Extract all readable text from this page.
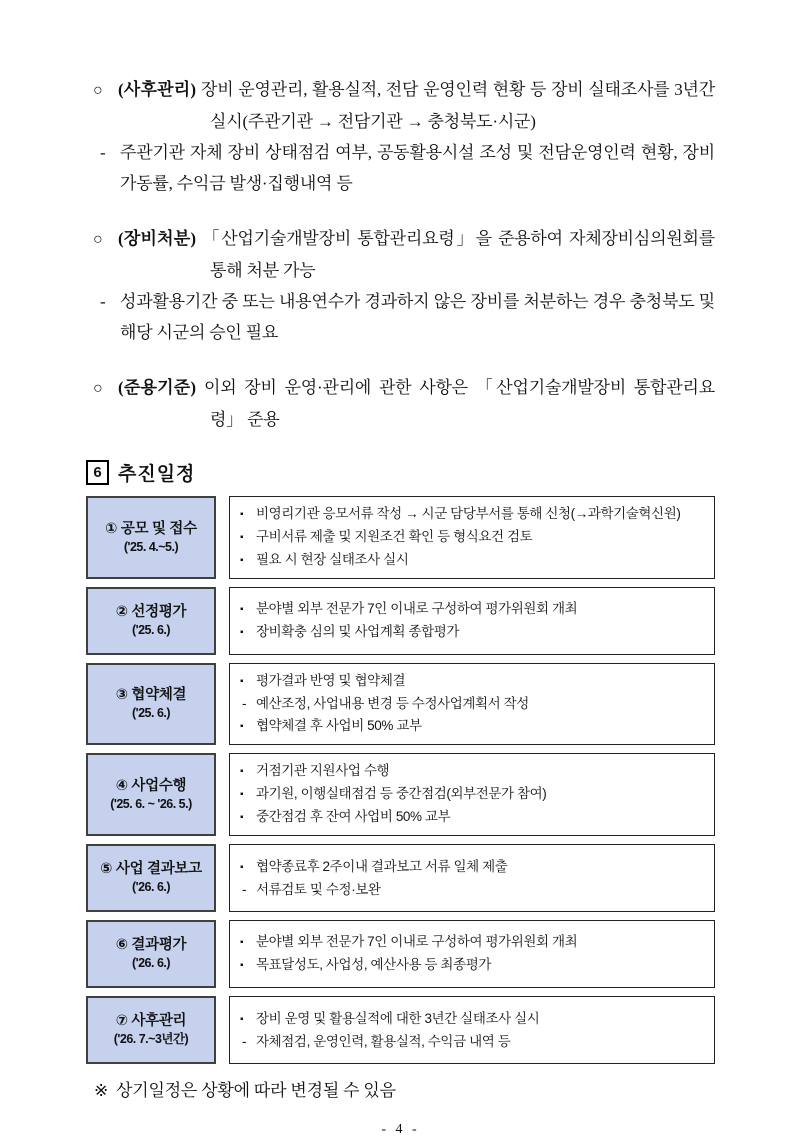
○ (사후관리) 장비 운영관리, 활용실적, 전담 운영인력 현황 등 장비 실태조사를 3년간 실시(주관기관 → 전담기관 → 충청북도·시군)

- 주관기관 자체 장비 상태점검 여부, 공동활용시설 조성 및 전담운영인력 현황, 장비 가동률, 수익금 발생·집행내역 등

○ (장비처분) 「산업기술개발장비 통합관리요령」을 준용하여 자체장비심의원회를 통해 처분 가능

- 성과활용기간 중 또는 내용연수가 경과하지 않은 장비를 처분하는 경우 충청북도 및 해당 시군의 승인 필요

○ (준용기준) 이외 장비 운영·관리에 관한 사항은 「산업기술개발장비 통합관리요령」 준용

6 추진일정
① 공모 및 접수
('25. 4.~5.)
▪ 비영리기관 응모서류 작성 → 시군 담당부서를 통해 신청(→과학기술혁신원)
▪ 구비서류 제출 및 지원조건 확인 등 형식요건 검토
▪ 필요 시 현장 실태조사 실시
② 선정평가
('25. 6.)
▪ 분야별 외부 전문가 7인 이내로 구성하여 평가위원회 개최
▪ 장비확충 심의 및 사업계획 종합평가
③ 협약체결
('25. 6.)
▪ 평가결과 반영 및 협약체결
- 예산조정, 사업내용 변경 등 수정사업계획서 작성
▪ 협약체결 후 사업비 50% 교부
④ 사업수행
('25. 6. ~ '26. 5.)
▪ 거점기관 지원사업 수행
▪ 과기원, 이행실태점검 등 중간점검(외부전문가 참여)
▪ 중간점검 후 잔여 사업비 50% 교부
⑤ 사업 결과보고
('26. 6.)
▪ 협약종료후 2주이내 결과보고 서류 일체 제출
- 서류검토 및 수정·보완
⑥ 결과평가
('26. 6.)
▪ 분야별 외부 전문가 7인 이내로 구성하여 평가위원회 개최
▪ 목표달성도, 사업성, 예산사용 등 최종평가
⑦ 사후관리
('26. 7.~3년간)
▪ 장비 운영 및 활용실적에 대한 3년간 실태조사 실시
- 자체점검, 운영인력, 활용실적, 수익금 내역 등

※ 상기일정은 상황에 따라 변경될 수 있음

- 4 -
